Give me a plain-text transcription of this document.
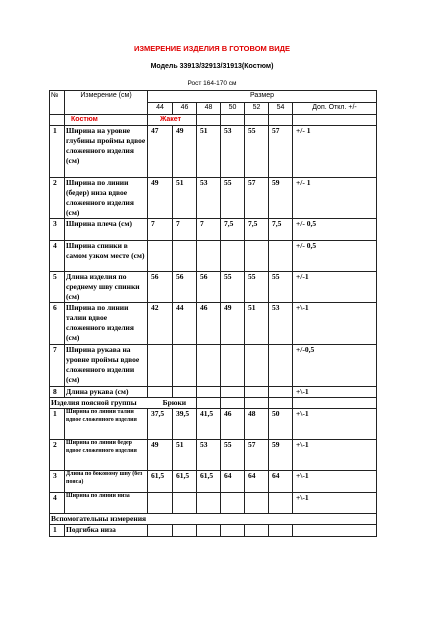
ИЗМЕРЕНИЕ ИЗДЕЛИЯ В ГОТОВОМ ВИДЕ
Модель 33913/32913/31913(Костюм)
Рост 164-170 см
№	Измерение (см)	Размер						
		44	46	48	50	52	54	Доп. Откл. +/-
	Костюм	Жакет						
1	Ширина на уровне глубины проймы вдвое сложенного изделия (см)	47	49	51	53	55	57	+/- 1
2	Ширина по линии (бедер) низа вдвое сложенного изделия (см)	49	51	53	55	57	59	+/- 1
3	Ширина плеча (см)	7	7	7	7,5	7,5	7,5	+/- 0,5
4	Ширина спинки в самом узком месте (см)							+/- 0,5
5	Длина изделия по среднему шву спинки (см)	56	56	56	55	55	55	+/-1
6	Ширина по линии талии вдвое сложенного изделия (см)	42	44	46	49	51	53	+\-1
7	Ширина рукава на уровне проймы вдвое сложенного изделии (см)							+/-0,5
8	Длина рукава (см)							+\-1
Изделия поясной группы Брюки								
1	Ширина по линии талии вдвое сложенного изделия	37,5	39,5	41,5	46	48	50	+\-1
2	Ширина по линии бедер вдвое сложенного изделия	49	51	53	55	57	59	+\-1
3	Длина по боковому шву (без пояса)	61,5	61,5	61,5	64	64	64	+\-1
4	Ширина по линии низа							+\-1
Вспомогательны измерения								
1	Подгибка низа							
